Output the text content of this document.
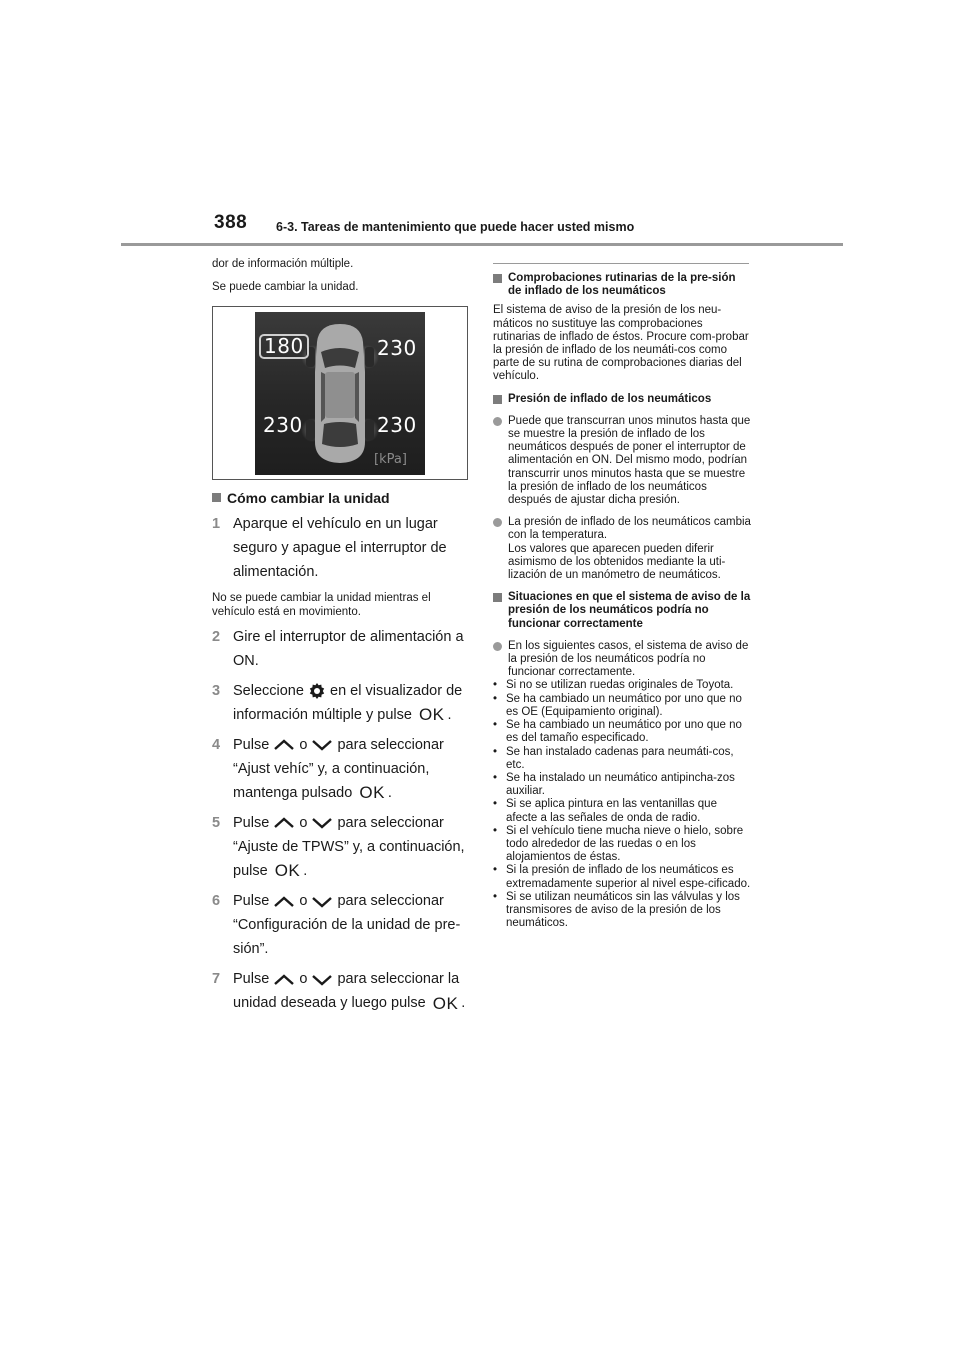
388 6-3. Tareas de mantenimiento que puede hacer usted mismo

dor de información múltiple.

Se puede cambiar la unidad.

180	230
230	230
[kPa]
Cómo cambiar la unidad
1 Aparque el vehículo en un lugar seguro y apague el interruptor de alimentación.

No se puede cambiar la unidad mientras el vehículo está en movimiento.

2 Gire el interruptor de alimentación a ON.
3 Seleccione en el visualizador de información múltiple y pulse OK .
4 Pulse o para seleccionar “Ajust vehíc” y, a continuación, mantenga pulsado OK .
5 Pulse o para seleccionar “Ajuste de TPWS” y, a continuación, pulse OK .
6 Pulse o para seleccionar “Configuración de la unidad de pre-sión”.
7 Pulse o para seleccionar la unidad deseada y luego pulse OK .
Comprobaciones rutinarias de la pre-sión de inflado de los neumáticos

El sistema de aviso de la presión de los neu-máticos no sustituye las comprobaciones rutinarias de inflado de éstos. Procure com-probar la presión de inflado de los neumáti-cos como parte de su rutina de comprobaciones diarias del vehículo.

Presión de inflado de los neumáticos

Puede que transcurran unos minutos hasta que se muestre la presión de inflado de los neumáticos después de poner el interruptor de alimentación en ON. Del mismo modo, podrían transcurrir unos minutos hasta que se muestre la presión de inflado de los neumáticos después de ajustar dicha presión.

La presión de inflado de los neumáticos cambia con la temperatura.

Los valores que aparecen pueden diferir asimismo de los obtenidos mediante la uti-lización de un manómetro de neumáticos.

Situaciones en que el sistema de aviso de la presión de los neumáticos podría no funcionar correctamente

En los siguientes casos, el sistema de aviso de la presión de los neumáticos podría no funcionar correctamente.

• Si no se utilizan ruedas originales de Toyota.
• Se ha cambiado un neumático por uno que no es OE (Equipamiento original).
• Se ha cambiado un neumático por uno que no es del tamaño especificado.
• Se han instalado cadenas para neumáti-cos, etc.
• Se ha instalado un neumático antipincha-zos auxiliar.
• Si se aplica pintura en las ventanillas que afecte a las señales de onda de radio.
• Si el vehículo tiene mucha nieve o hielo, sobre todo alrededor de las ruedas o en los alojamientos de éstas.
• Si la presión de inflado de los neumáticos es extremadamente superior al nivel espe-cificado.
• Si se utilizan neumáticos sin las válvulas y los transmisores de aviso de la presión de los neumáticos.
